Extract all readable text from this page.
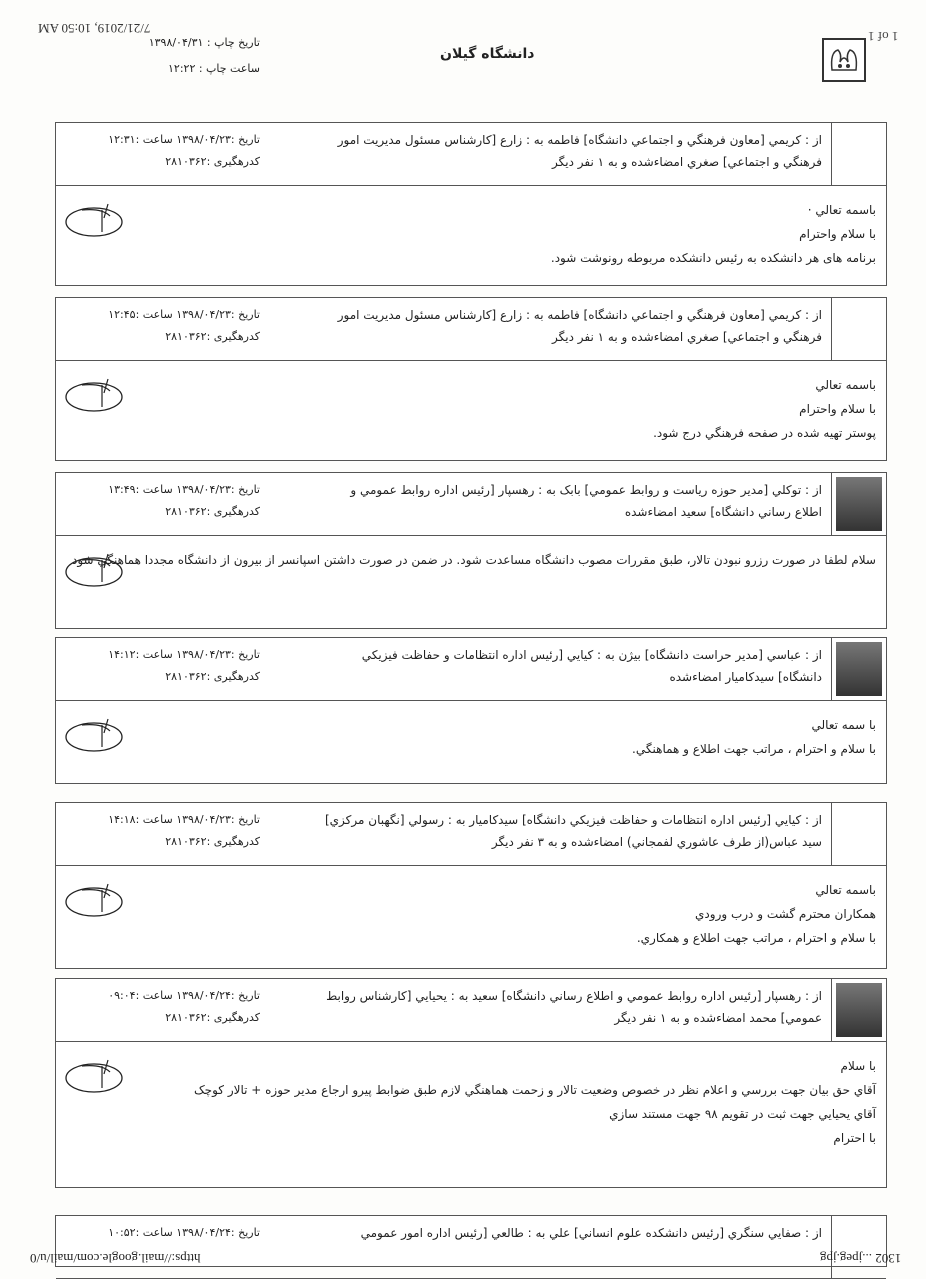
7/21/2019, 10:50 AM
تاریخ چاپ : ۱۳۹۸/۰۴/۳۱
ساعت چاپ : ۱۲:۲۲
دانشگاه گیلان
1 of 1
از : کریمي [معاون فرهنگي و اجتماعي دانشگاه] فاطمه به : زارع [کارشناس مسئول مدیریت امور فرهنگي و اجتماعي] صغري امضاءشده و به ۱ نفر دیگر
تاریخ :۱۳۹۸/۰۴/۲۳ ساعت :۱۲:۳۱
کدرهگیری :۲۸۱۰۳۶۲

باسمه تعالي ·

با سلام واحترام

برنامه های هر دانشکده به رئیس دانشکده مربوطه رونوشت شود.

از : کریمي [معاون فرهنگي و اجتماعي دانشگاه] فاطمه به : زارع [کارشناس مسئول مدیریت امور فرهنگي و اجتماعي] صغري امضاءشده و به ۱ نفر دیگر
تاریخ :۱۳۹۸/۰۴/۲۳ ساعت :۱۲:۴۵
کدرهگیری :۲۸۱۰۳۶۲

باسمه تعالي

با سلام واحترام

پوستر تهیه شده در صفحه فرهنگي درج شود.

از : توکلي [مدیر حوزه ریاست و روابط عمومي] بابک به : رهسپار [رئیس اداره روابط عمومي و اطلاع رساني دانشگاه] سعید امضاءشده
تاریخ :۱۳۹۸/۰۴/۲۳ ساعت :۱۳:۴۹
کدرهگیری :۲۸۱۰۳۶۲

سلام لطفا در صورت رزرو نبودن تالار، طبق مقررات مصوب دانشگاه مساعدت شود. در ضمن در صورت داشتن اسپانسر از بیرون از دانشگاه مجددا هماهنگي شود

از : عباسي [مدیر حراست دانشگاه] بیژن به : کیایي [رئیس اداره انتظامات و حفاظت فیزیکي دانشگاه] سیدکامیار امضاءشده
تاریخ :۱۳۹۸/۰۴/۲۳ ساعت :۱۴:۱۲
کدرهگیری :۲۸۱۰۳۶۲

با سمه تعالي

با سلام و احترام ، مراتب جهت اطلاع و هماهنگي.

از : کیایي [رئیس اداره انتظامات و حفاظت فیزیکي دانشگاه] سیدکامیار به : رسولي [نگهبان مرکزي] سید عباس(از طرف عاشوري لفمجاني) امضاءشده و به ۳ نفر دیگر
تاریخ :۱۳۹۸/۰۴/۲۳ ساعت :۱۴:۱۸
کدرهگیری :۲۸۱۰۳۶۲

باسمه تعالي

همکاران محترم گشت و درب ورودي

با سلام و احترام ، مراتب جهت اطلاع و همکاري.

از : رهسپار [رئیس اداره روابط عمومي و اطلاع رساني دانشگاه] سعید به : یحیایي [کارشناس روابط عمومي] محمد امضاءشده و به ۱ نفر دیگر
تاریخ :۱۳۹۸/۰۴/۲۴ ساعت :۰۹:۰۴
کدرهگیری :۲۸۱۰۳۶۲

با سلام

آقاي حق بیان جهت بررسي و اعلام نظر در خصوص وضعیت تالار و زحمت هماهنگي لازم طبق ضوابط پیرو ارجاع مدیر حوزه + تالار کوچک

آقاي یحیایي جهت ثبت در تقویم ۹۸ جهت مستند سازي

با احترام

از : صفایي سنگري [رئیس دانشکده علوم انساني] علي به : طالعي [رئیس اداره امور عمومي
تاریخ :۱۳۹۸/۰۴/۲۴ ساعت :۱۰:۵۲
https://mail.google.com/mail/u/0	1302 ...jpeg.jpg
